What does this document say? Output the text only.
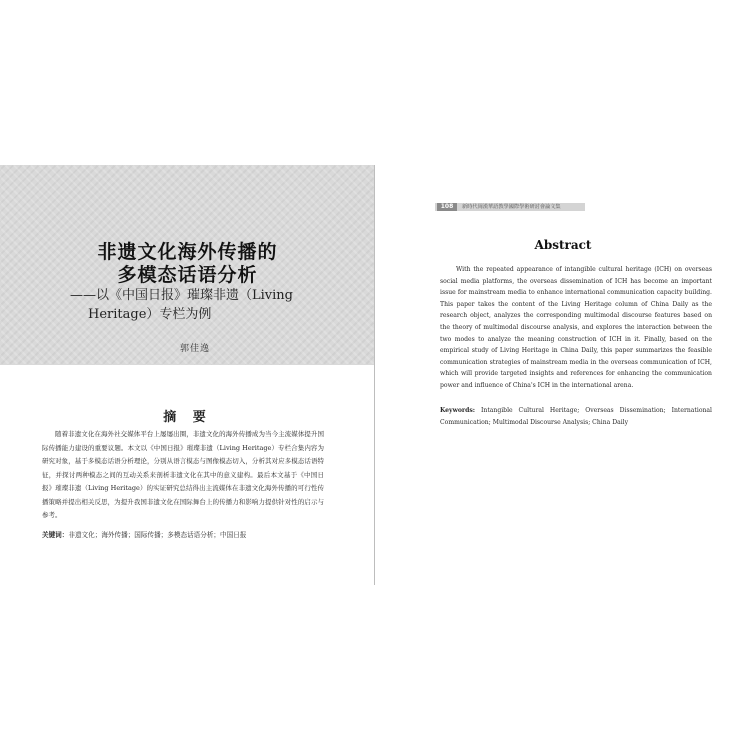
非遗文化海外传播的
多模态话语分析
——以《中国日报》璀璨非遗（Living
Heritage）专栏为例
郭佳逸
摘 要
随着非遗文化在海外社交媒体平台上屡屡出圈，非遗文化的海外传播成为当今主流媒体提升国际传播能力建设的重要议题。本文以《中国日报》璀璨非遗（Living Heritage）专栏合集内容为研究对象，基于多模态话语分析理论，分别从语言模态与图像模态切入，分析其对应多模态话语特征，并探讨两种模态之间的互动关系来剖析非遗文化在其中的意义建构。最后本文基于《中国日报》璀璨非遗（Living Heritage）的实证研究总结得出主流媒体在非遗文化海外传播的可行性传播策略并提出相关反思，为提升我国非遗文化在国际舞台上的传播力和影响力提供针对性的启示与参考。
关键词：非遗文化；海外传播；国际传播；多模态话语分析；中国日报
108	新時代岡漢華語教學國際學術研討會論文集
Abstract
With the repeated appearance of intangible cultural heritage (ICH) on overseas social media platforms, the overseas dissemination of ICH has become an important issue for mainstream media to enhance international communication capacity building. This paper takes the content of the Living Heritage column of China Daily as the research object, analyzes the corresponding multimodal discourse features based on the theory of multimodal discourse analysis, and explores the interaction between the two modes to analyze the meaning construction of ICH in it. Finally, based on the empirical study of Living Heritage in China Daily, this paper summarizes the feasible communication strategies of mainstream media in the overseas communication of ICH, which will provide targeted insights and references for enhancing the communication power and influence of China's ICH in the international arena.
Keywords: Intangible Cultural Heritage; Overseas Dissemination; International Communication; Multimodal Discourse Analysis; China Daily
